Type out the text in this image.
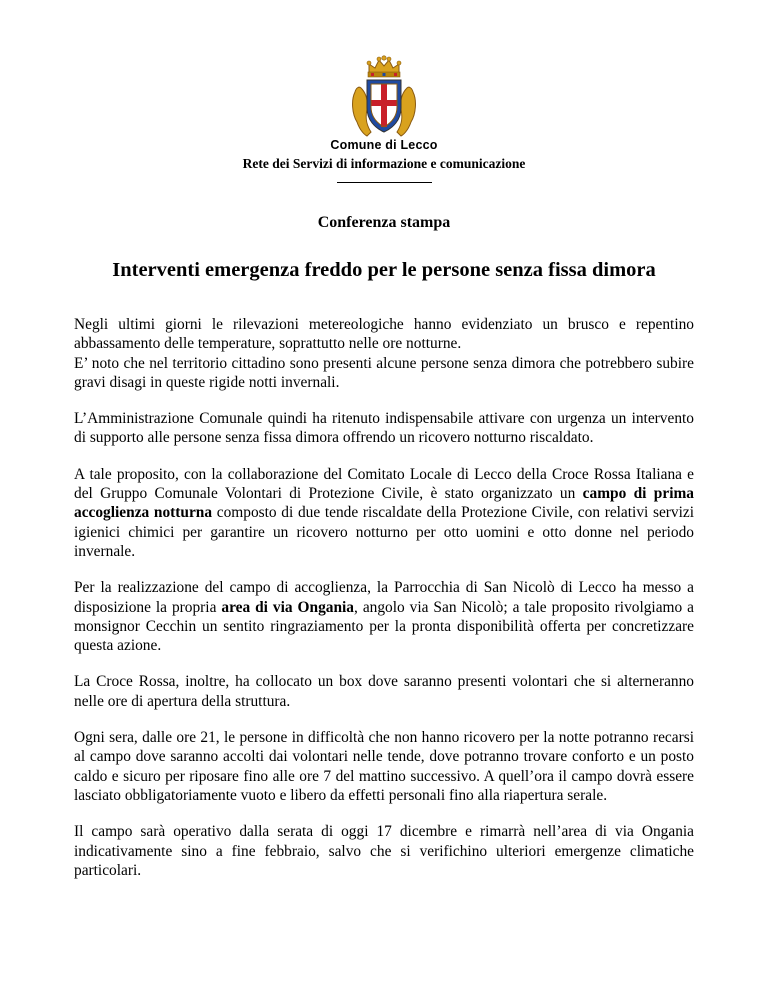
Comune di Lecco
Rete dei Servizi di informazione e comunicazione
Conferenza stampa
Interventi emergenza freddo per le persone senza fissa dimora

Negli ultimi giorni le rilevazioni metereologiche hanno evidenziato un brusco e repentino abbassamento delle temperature, soprattutto nelle ore notturne.
E’ noto che nel territorio cittadino sono presenti alcune persone senza dimora che potrebbero subire gravi disagi in queste rigide notti invernali.

L’Amministrazione Comunale quindi ha ritenuto indispensabile attivare con urgenza un intervento di supporto alle persone senza fissa dimora offrendo un ricovero notturno riscaldato.

A tale proposito, con la collaborazione del Comitato Locale di Lecco della Croce Rossa Italiana e del Gruppo Comunale Volontari di Protezione Civile, è stato organizzato un campo di prima accoglienza notturna composto di due tende riscaldate della Protezione Civile, con relativi servizi igienici chimici per garantire un ricovero notturno per otto uomini e otto donne nel periodo invernale.

Per la realizzazione del campo di accoglienza, la Parrocchia di San Nicolò di Lecco ha messo a disposizione la propria area di via Ongania, angolo via San Nicolò; a tale proposito rivolgiamo a monsignor Cecchin un sentito ringraziamento per la pronta disponibilità offerta per concretizzare questa azione.

La Croce Rossa, inoltre, ha collocato un box dove saranno presenti volontari che si alterneranno nelle ore di apertura della struttura.

Ogni sera, dalle ore 21, le persone in difficoltà che non hanno ricovero per la notte potranno recarsi al campo dove saranno accolti dai volontari nelle tende, dove potranno trovare conforto e un posto caldo e sicuro per riposare fino alle ore 7 del mattino successivo. A quell’ora il campo dovrà essere lasciato obbligatoriamente vuoto e libero da effetti personali fino alla riapertura serale.

Il campo sarà operativo dalla serata di oggi 17 dicembre e rimarrà nell’area di via Ongania indicativamente sino a fine febbraio, salvo che si verifichino ulteriori emergenze climatiche particolari.
